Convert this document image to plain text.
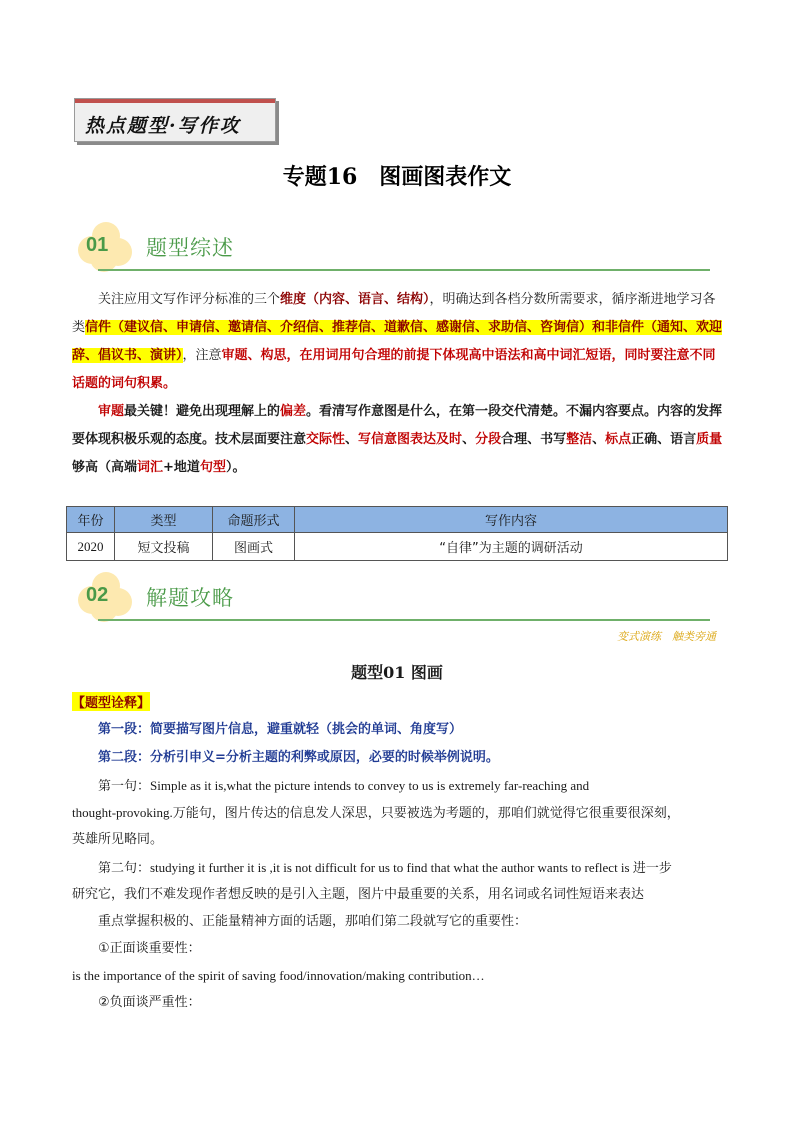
热点题型·写作攻
专题16　图画图表作文
01 题型综述
关注应用文写作评分标准的三个维度（内容、语言、结构），明确达到各档分数所需要求，循序渐进地学习各类信件（建议信、申请信、邀请信、介绍信、推荐信、道歉信、感谢信、求助信、咨询信）和非信件（通知、欢迎辞、倡议书、演讲），注意审题、构思，在用词用句合理的前提下体现高中语法和高中词汇短语，同时要注意不同话题的词句积累。
审题最关键！避免出现理解上的偏差。看清写作意图是什么，在第一段交代清楚。不漏内容要点。内容的发挥要体现积极乐观的态度。技术层面要注意交际性、写信意图表达及时、分段合理、书写整洁、标点正确、语言质量够高（高端词汇+地道句型）。
年份	类型	命题形式	写作内容
2020	短文投稿	图画式	“自律”为主题的调研活动
02 解题攻略
变式演练　触类旁通
题型01 图画
【题型诠释】
第一段：简要描写图片信息，避重就轻（挑会的单词、角度写）
第二段：分析引申义=分析主题的利弊或原因，必要的时候举例说明。
第一句：Simple as it is,what the picture intends to convey to us is extremely far-reaching and
thought-provoking.万能句，图片传达的信息发人深思，只要被选为考题的，那咱们就觉得它很重要很深刻，
英雄所见略同。
第二句：studying it further it is ,it is not difficult for us to find that what the author wants to reflect is 进一步
研究它，我们不难发现作者想反映的是引入主题，图片中最重要的关系，用名词或名词性短语来表达
重点掌握积极的、正能量精神方面的话题，那咱们第二段就写它的重要性：
①正面谈重要性：
is the importance of the spirit of saving food/innovation/making contribution…
②负面谈严重性：
